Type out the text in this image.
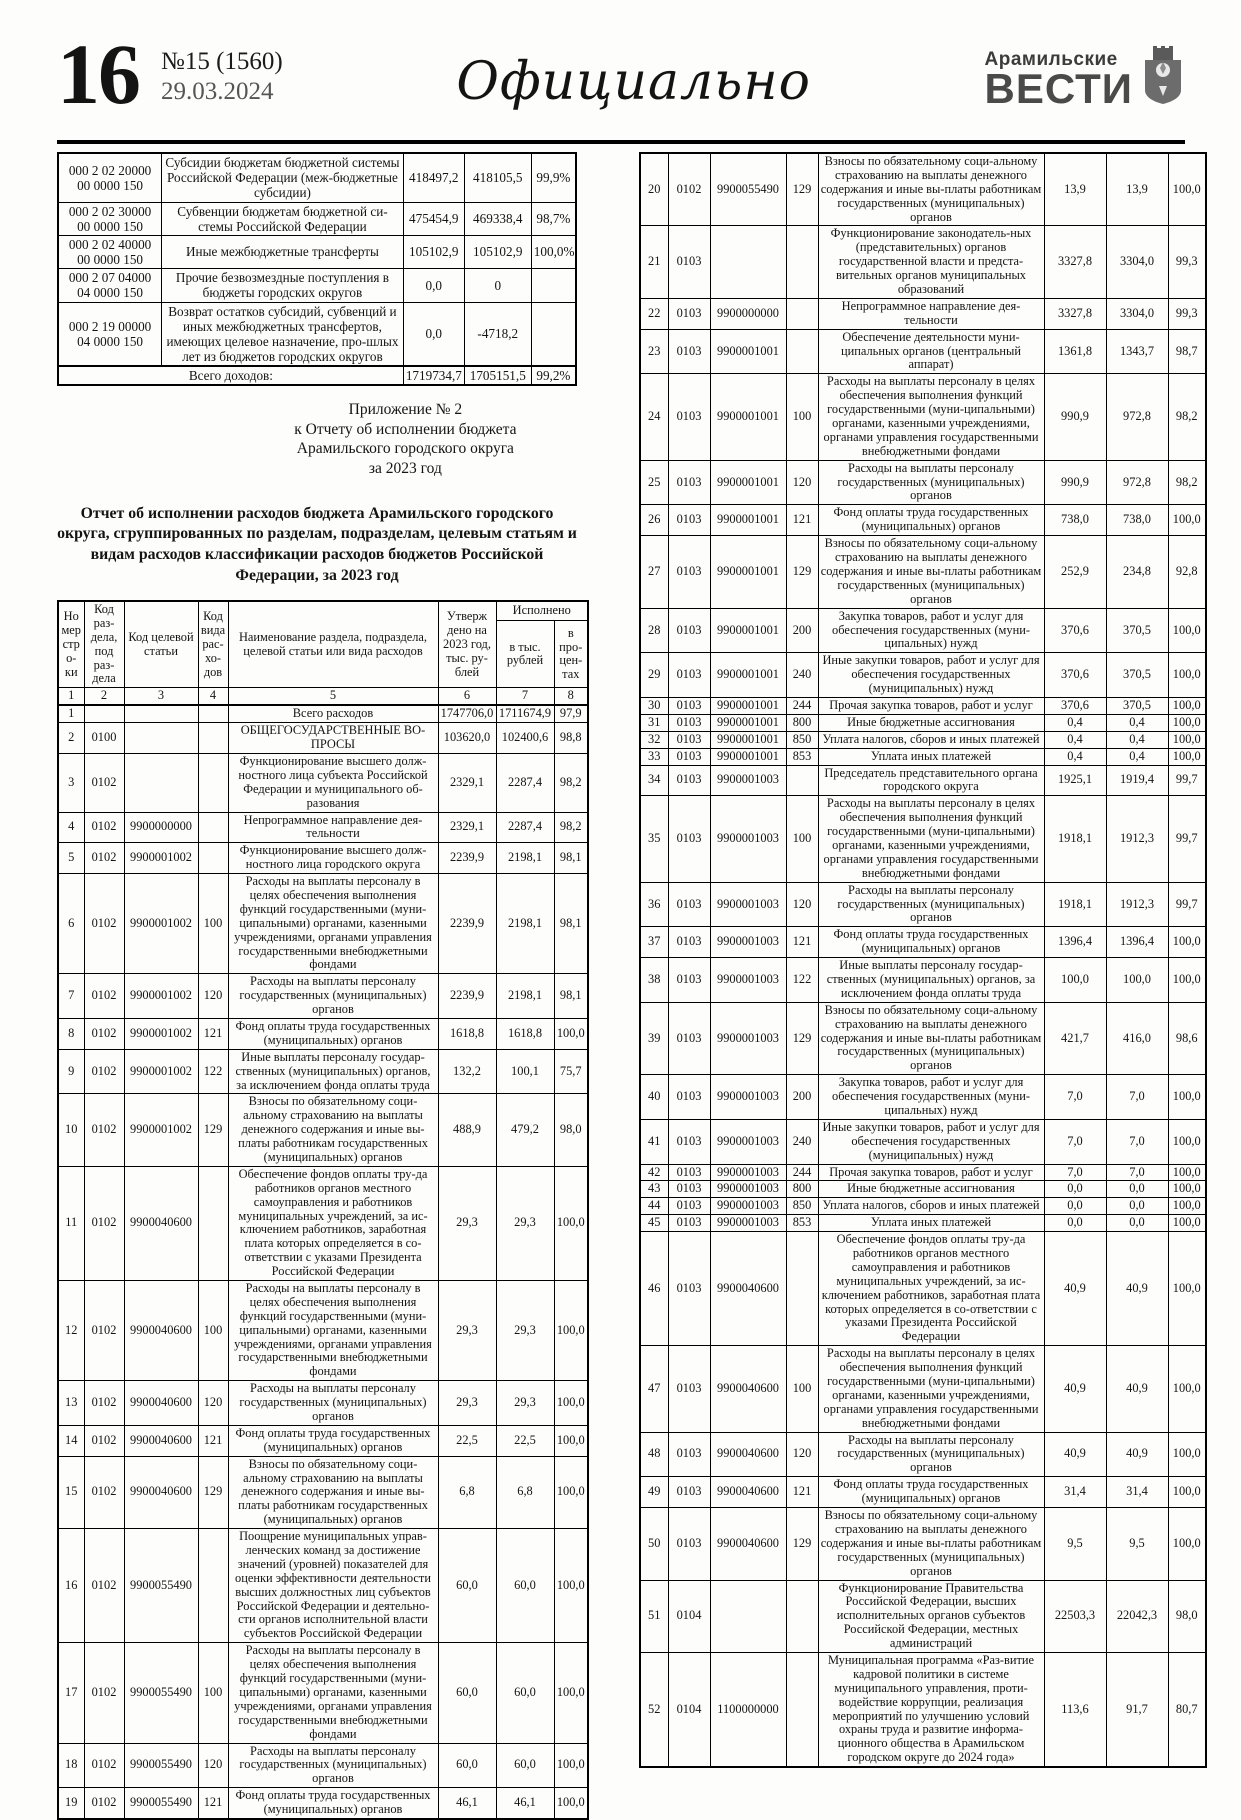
16 №15 (1560)
29.03.2024	Официально	Арамильские
ВЕСТИ
000 2 02 20000 00 0000 150	Субсидии бюджетам бюджетной системы Российской Федерации (меж-бюджетные субсидии)	418497,2	418105,5	99,9%
000 2 02 30000 00 0000 150	Субвенции бюджетам бюджетной си-стемы Российской Федерации	475454,9	469338,4	98,7%
000 2 02 40000 00 0000 150	Иные межбюджетные трансферты	105102,9	105102,9	100,0%
000 2 07 04000 04 0000 150	Прочие безвозмездные поступления в бюджеты городских округов	0,0	0	
000 2 19 00000 04 0000 150	Возврат остатков субсидий, субвенций и иных межбюджетных трансфертов, имеющих целевое назначение, про-шлых лет из бюджетов городских округов	0,0	-4718,2	
Всего доходов:		1719734,7	1705151,5	99,2%
Приложение № 2
к Отчету об исполнении бюджета
Арамильского городского округа
за 2023 год
Отчет об исполнении расходов бюджета Арамильского городского округа, сгруппированных по разделам, подразделам, целевым статьям и видам расходов классификации расходов бюджетов Российской Федерации, за 2023 год
Но мер стро-ки	Код раз-дела, под раз-дела	Код целевой статьи	Код вида рас-хо-дов	Наименование раздела, подраздела, целевой статьи или вида расходов	Утверж дено на 2023 год, тыс. ру-блей	Исполнено	
						в тыс. рублей	в про-цен-тах
1	2	3	4	5	6	7	8
1				Всего расходов	1747706,0	1711674,9	97,9
2	0100			ОБЩЕГОСУДАРСТВЕННЫЕ ВО-ПРОСЫ	103620,0	102400,6	98,8
3	0102			Функционирование высшего долж-ностного лица субъекта Российской Федерации и муниципального об-разования	2329,1	2287,4	98,2
4	0102	9900000000		Непрограммное направление дея-тельности	2329,1	2287,4	98,2
5	0102	9900001002		Функционирование высшего долж-ностного лица городского округа	2239,9	2198,1	98,1
6	0102	9900001002	100	Расходы на выплаты персоналу в целях обеспечения выполнения функций государственными (муни-ципальными) органами, казенными учреждениями, органами управления государственными внебюджетными фондами	2239,9	2198,1	98,1
7	0102	9900001002	120	Расходы на выплаты персоналу государственных (муниципальных) органов	2239,9	2198,1	98,1
8	0102	9900001002	121	Фонд оплаты труда государственных (муниципальных) органов	1618,8	1618,8	100,0
9	0102	9900001002	122	Иные выплаты персоналу государ-ственных (муниципальных) органов, за исключением фонда оплаты труда	132,2	100,1	75,7
10	0102	9900001002	129	Взносы по обязательному соци-альному страхованию на выплаты денежного содержания и иные вы-платы работникам государственных (муниципальных) органов	488,9	479,2	98,0
11	0102	9900040600		Обеспечение фондов оплаты тру-да работников органов местного самоуправления и работников муниципальных учреждений, за ис-ключением работников, заработная плата которых определяется в со-ответствии с указами Президента Российской Федерации	29,3	29,3	100,0
12	0102	9900040600	100	Расходы на выплаты персоналу в целях обеспечения выполнения функций государственными (муни-ципальными) органами, казенными учреждениями, органами управления государственными внебюджетными фондами	29,3	29,3	100,0
13	0102	9900040600	120	Расходы на выплаты персоналу государственных (муниципальных) органов	29,3	29,3	100,0
14	0102	9900040600	121	Фонд оплаты труда государственных (муниципальных) органов	22,5	22,5	100,0
15	0102	9900040600	129	Взносы по обязательному соци-альному страхованию на выплаты денежного содержания и иные вы-платы работникам государственных (муниципальных) органов	6,8	6,8	100,0
16	0102	9900055490		Поощрение муниципальных управ-ленческих команд за достижение значений (уровней) показателей для оценки эффективности деятельности высших должностных лиц субъектов Российской Федерации и деятельно-сти органов исполнительной власти субъектов Российской Федерации	60,0	60,0	100,0
17	0102	9900055490	100	Расходы на выплаты персоналу в целях обеспечения выполнения функций государственными (муни-ципальными) органами, казенными учреждениями, органами управления государственными внебюджетными фондами	60,0	60,0	100,0
18	0102	9900055490	120	Расходы на выплаты персоналу государственных (муниципальных) органов	60,0	60,0	100,0
19	0102	9900055490	121	Фонд оплаты труда государственных (муниципальных) органов	46,1	46,1	100,0
20	0102	9900055490	129	Взносы по обязательному соци-альному страхованию на выплаты денежного содержания и иные вы-платы работникам государственных (муниципальных) органов	13,9	13,9	100,0
21	0103			Функционирование законодатель-ных (представительных) органов государственной власти и предста-вительных органов муниципальных образований	3327,8	3304,0	99,3
22	0103	9900000000		Непрограммное направление дея-тельности	3327,8	3304,0	99,3
23	0103	9900001001		Обеспечение деятельности муни-ципальных органов (центральный аппарат)	1361,8	1343,7	98,7
24	0103	9900001001	100	Расходы на выплаты персоналу в целях обеспечения выполнения функций государственными (муни-ципальными) органами, казенными учреждениями, органами управления государственными внебюджетными фондами	990,9	972,8	98,2
25	0103	9900001001	120	Расходы на выплаты персоналу государственных (муниципальных) органов	990,9	972,8	98,2
26	0103	9900001001	121	Фонд оплаты труда государственных (муниципальных) органов	738,0	738,0	100,0
27	0103	9900001001	129	Взносы по обязательному соци-альному страхованию на выплаты денежного содержания и иные вы-платы работникам государственных (муниципальных) органов	252,9	234,8	92,8
28	0103	9900001001	200	Закупка товаров, работ и услуг для обеспечения государственных (муни-ципальных) нужд	370,6	370,5	100,0
29	0103	9900001001	240	Иные закупки товаров, работ и услуг для обеспечения государственных (муниципальных) нужд	370,6	370,5	100,0
30	0103	9900001001	244	Прочая закупка товаров, работ и услуг	370,6	370,5	100,0
31	0103	9900001001	800	Иные бюджетные ассигнования	0,4	0,4	100,0
32	0103	9900001001	850	Уплата налогов, сборов и иных платежей	0,4	0,4	100,0
33	0103	9900001001	853	Уплата иных платежей	0,4	0,4	100,0
34	0103	9900001003		Председатель представительного органа городского округа	1925,1	1919,4	99,7
35	0103	9900001003	100	Расходы на выплаты персоналу в целях обеспечения выполнения функций государственными (муни-ципальными) органами, казенными учреждениями, органами управления государственными внебюджетными фондами	1918,1	1912,3	99,7
36	0103	9900001003	120	Расходы на выплаты персоналу государственных (муниципальных) органов	1918,1	1912,3	99,7
37	0103	9900001003	121	Фонд оплаты труда государственных (муниципальных) органов	1396,4	1396,4	100,0
38	0103	9900001003	122	Иные выплаты персоналу государ-ственных (муниципальных) органов, за исключением фонда оплаты труда	100,0	100,0	100,0
39	0103	9900001003	129	Взносы по обязательному соци-альному страхованию на выплаты денежного содержания и иные вы-платы работникам государственных (муниципальных) органов	421,7	416,0	98,6
40	0103	9900001003	200	Закупка товаров, работ и услуг для обеспечения государственных (муни-ципальных) нужд	7,0	7,0	100,0
41	0103	9900001003	240	Иные закупки товаров, работ и услуг для обеспечения государственных (муниципальных) нужд	7,0	7,0	100,0
42	0103	9900001003	244	Прочая закупка товаров, работ и услуг	7,0	7,0	100,0
43	0103	9900001003	800	Иные бюджетные ассигнования	0,0	0,0	100,0
44	0103	9900001003	850	Уплата налогов, сборов и иных платежей	0,0	0,0	100,0
45	0103	9900001003	853	Уплата иных платежей	0,0	0,0	100,0
46	0103	9900040600		Обеспечение фондов оплаты тру-да работников органов местного самоуправления и работников муниципальных учреждений, за ис-ключением работников, заработная плата которых определяется в со-ответствии с указами Президента Российской Федерации	40,9	40,9	100,0
47	0103	9900040600	100	Расходы на выплаты персоналу в целях обеспечения выполнения функций государственными (муни-ципальными) органами, казенными учреждениями, органами управления государственными внебюджетными фондами	40,9	40,9	100,0
48	0103	9900040600	120	Расходы на выплаты персоналу государственных (муниципальных) органов	40,9	40,9	100,0
49	0103	9900040600	121	Фонд оплаты труда государственных (муниципальных) органов	31,4	31,4	100,0
50	0103	9900040600	129	Взносы по обязательному соци-альному страхованию на выплаты денежного содержания и иные вы-платы работникам государственных (муниципальных) органов	9,5	9,5	100,0
51	0104			Функционирование Правительства Российской Федерации, высших исполнительных органов субъектов Российской Федерации, местных администраций	22503,3	22042,3	98,0
52	0104	1100000000		Муниципальная программа «Раз-витие кадровой политики в системе муниципального управления, проти-водействие коррупции, реализация мероприятий по улучшению условий охраны труда и развитие информа-ционного общества в Арамильском городском округе до 2024 года»	113,6	91,7	80,7
